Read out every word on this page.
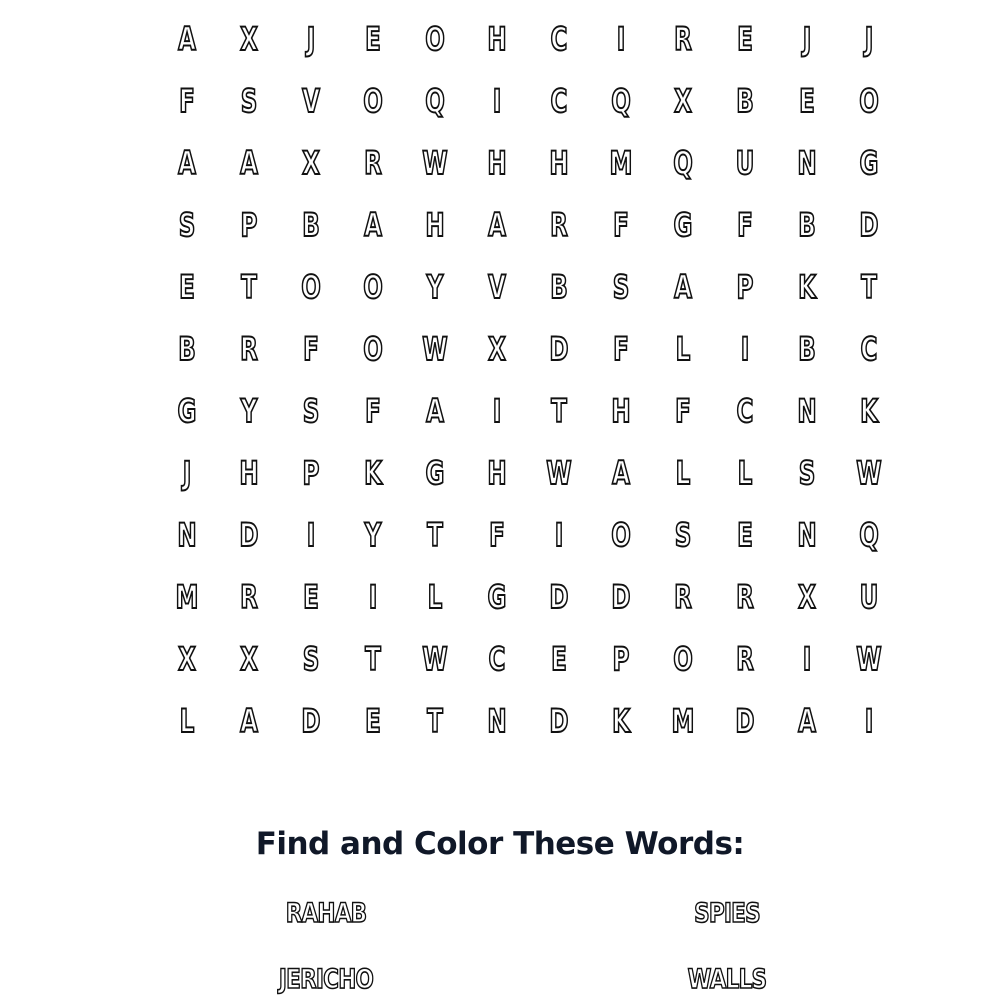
A	X	J	E	O	H	C	I	R	E	J	J
F	S	V	O	Q	I	C	Q	X	B	E	O
A	A	X	R	W	H	H	M	Q	U	N	G
S	P	B	A	H	A	R	F	G	F	B	D
E	T	O	O	Y	V	B	S	A	P	K	T
B	R	F	O	W	X	D	F	L	I	B	C
G	Y	S	F	A	I	T	H	F	C	N	K
J	H	P	K	G	H	W	A	L	L	S	W
N	D	I	Y	T	F	I	O	S	E	N	Q
M	R	E	I	L	G	D	D	R	R	X	U
X	X	S	T	W	C	E	P	O	R	I	W
L	A	D	E	T	N	D	K	M	D	A	I
Find and Color These Words:
RAHAB	SPIES
JERICHO	WALLS
